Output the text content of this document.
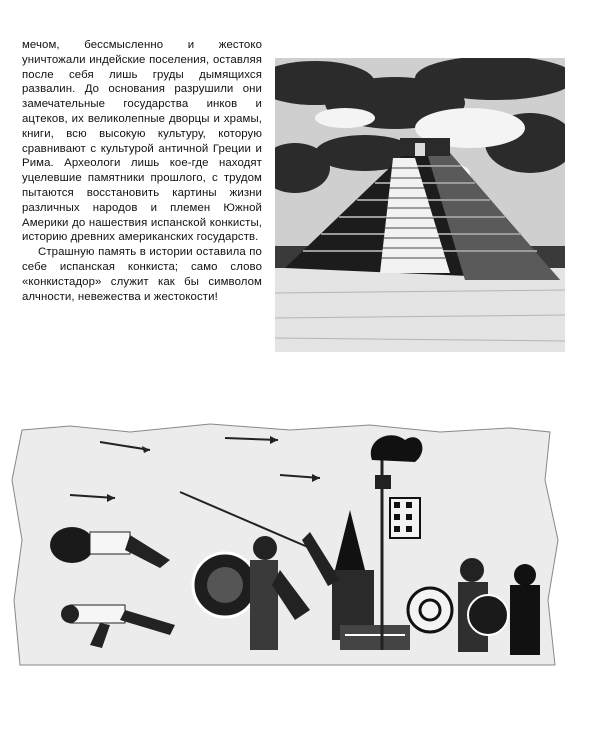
мечом, бессмысленно и жестоко уничтожали индейские поселения, оставляя после себя лишь груды дымящихся развалин. До основания разрушили они замечательные государства инков и ацтеков, их великолепные дворцы и храмы, книги, всю высокую культуру, которую сравнивают с культурой античной Греции и Рима. Археологи лишь кое-где находят уцелевшие памятники прошлого, с трудом пытаются восстановить картины жизни различных народов и племен Южной Америки до нашествия испанской конкисты, историю древних американских государств.

Страшную память в истории оставила по себе испанская конкиста; само слово «конкистадор» служит как бы символом алчности, невежества и жестокости!
